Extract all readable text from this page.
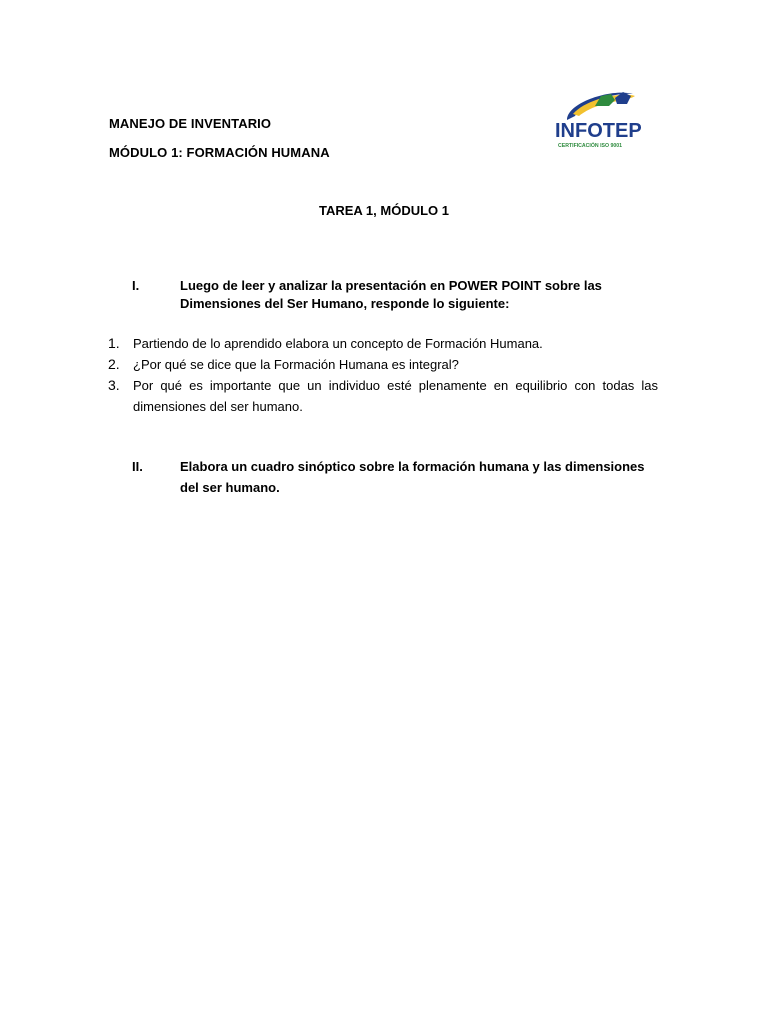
MANEJO DE INVENTARIO
MÓDULO 1: FORMACIÓN HUMANA
INFOTEP
CERTIFICACIÓN ISO 9001
TAREA 1, MÓDULO 1
I.	Luego de leer y analizar la presentación en POWER POINT sobre las Dimensiones del Ser Humano, responde lo siguiente:
1. Partiendo de lo aprendido elabora un concepto de Formación Humana.
2. ¿Por qué se dice que la Formación Humana es integral?
3. Por qué es importante que un individuo esté plenamente en equilibrio con todas las dimensiones del ser humano.
II.	Elabora un cuadro sinóptico sobre la formación humana y las dimensiones del ser humano.
